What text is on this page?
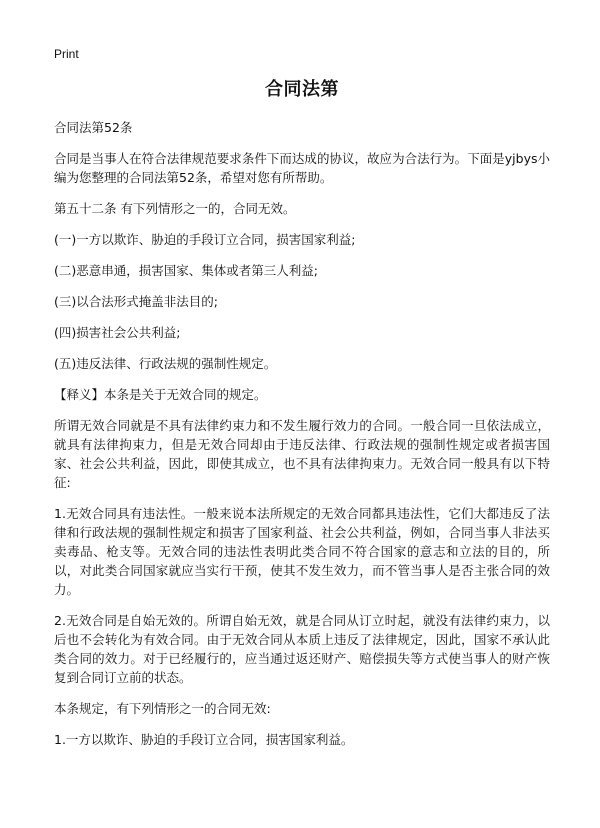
Print
合同法第

合同法第52条

合同是当事人在符合法律规范要求条件下而达成的协议，故应为合法行为。下面是yjbys小编为您整理的合同法第52条，希望对您有所帮助。

第五十二条 有下列情形之一的，合同无效。

(一)一方以欺诈、胁迫的手段订立合同，损害国家利益;

(二)恶意串通，损害国家、集体或者第三人利益;

(三)以合法形式掩盖非法目的;

(四)损害社会公共利益;

(五)违反法律、行政法规的强制性规定。

【释义】本条是关于无效合同的规定。

所谓无效合同就是不具有法律约束力和不发生履行效力的合同。一般合同一旦依法成立，就具有法律拘束力，但是无效合同却由于违反法律、行政法规的强制性规定或者损害国家、社会公共利益，因此，即使其成立，也不具有法律拘束力。无效合同一般具有以下特征:

1.无效合同具有违法性。一般来说本法所规定的无效合同都具违法性，它们大都违反了法律和行政法规的强制性规定和损害了国家利益、社会公共利益，例如，合同当事人非法买卖毒品、枪支等。无效合同的违法性表明此类合同不符合国家的意志和立法的目的，所以，对此类合同国家就应当实行干预，使其不发生效力，而不管当事人是否主张合同的效力。

2.无效合同是自始无效的。所谓自始无效，就是合同从订立时起，就没有法律约束力，以后也不会转化为有效合同。由于无效合同从本质上违反了法律规定，因此，国家不承认此类合同的效力。对于已经履行的，应当通过返还财产、赔偿损失等方式使当事人的财产恢复到合同订立前的状态。

本条规定，有下列情形之一的合同无效:

1.一方以欺诈、胁迫的手段订立合同，损害国家利益。
